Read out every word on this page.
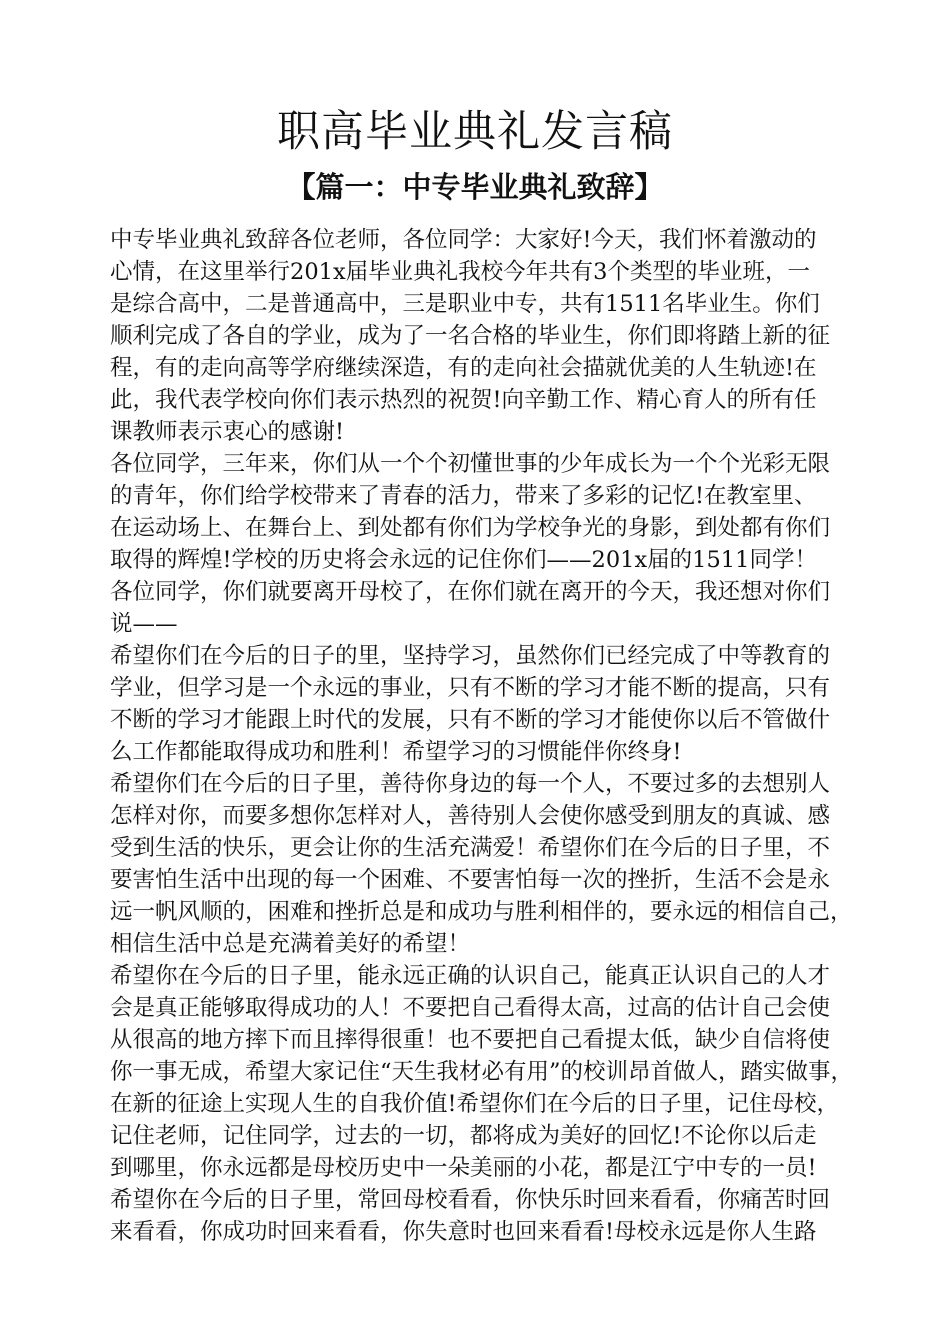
职高毕业典礼发言稿
【篇一：中专毕业典礼致辞】
中专毕业典礼致辞各位老师，各位同学：大家好!今天，我们怀着激动的
心情，在这里举行201x届毕业典礼我校今年共有3个类型的毕业班，一
是综合高中，二是普通高中，三是职业中专，共有1511名毕业生。你们
顺利完成了各自的学业，成为了一名合格的毕业生，你们即将踏上新的征
程，有的走向高等学府继续深造，有的走向社会描就优美的人生轨迹!在
此，我代表学校向你们表示热烈的祝贺!向辛勤工作、精心育人的所有任
课教师表示衷心的感谢!
各位同学，三年来，你们从一个个初懂世事的少年成长为一个个光彩无限
的青年，你们给学校带来了青春的活力，带来了多彩的记忆!在教室里、
在运动场上、在舞台上、到处都有你们为学校争光的身影，到处都有你们
取得的辉煌!学校的历史将会永远的记住你们——201x届的1511同学！
各位同学，你们就要离开母校了，在你们就在离开的今天，我还想对你们
说——
希望你们在今后的日子的里，坚持学习，虽然你们已经完成了中等教育的
学业，但学习是一个永远的事业，只有不断的学习才能不断的提高，只有
不断的学习才能跟上时代的发展，只有不断的学习才能使你以后不管做什
么工作都能取得成功和胜利！希望学习的习惯能伴你终身!
希望你们在今后的日子里，善待你身边的每一个人，不要过多的去想别人
怎样对你，而要多想你怎样对人，善待别人会使你感受到朋友的真诚、感
受到生活的快乐，更会让你的生活充满爱！希望你们在今后的日子里，不
要害怕生活中出现的每一个困难、不要害怕每一次的挫折，生活不会是永
远一帆风顺的，困难和挫折总是和成功与胜利相伴的，要永远的相信自己，
相信生活中总是充满着美好的希望！
希望你在今后的日子里，能永远正确的认识自己，能真正认识自己的人才
会是真正能够取得成功的人！不要把自己看得太高，过高的估计自己会使
从很高的地方摔下而且摔得很重！也不要把自己看提太低，缺少自信将使
你一事无成，希望大家记住“天生我材必有用”的校训昂首做人，踏实做事，
在新的征途上实现人生的自我价值!希望你们在今后的日子里，记住母校，
记住老师，记住同学，过去的一切，都将成为美好的回忆!不论你以后走
到哪里，你永远都是母校历史中一朵美丽的小花，都是江宁中专的一员!
希望你在今后的日子里，常回母校看看，你快乐时回来看看，你痛苦时回
来看看，你成功时回来看看，你失意时也回来看看!母校永远是你人生路
